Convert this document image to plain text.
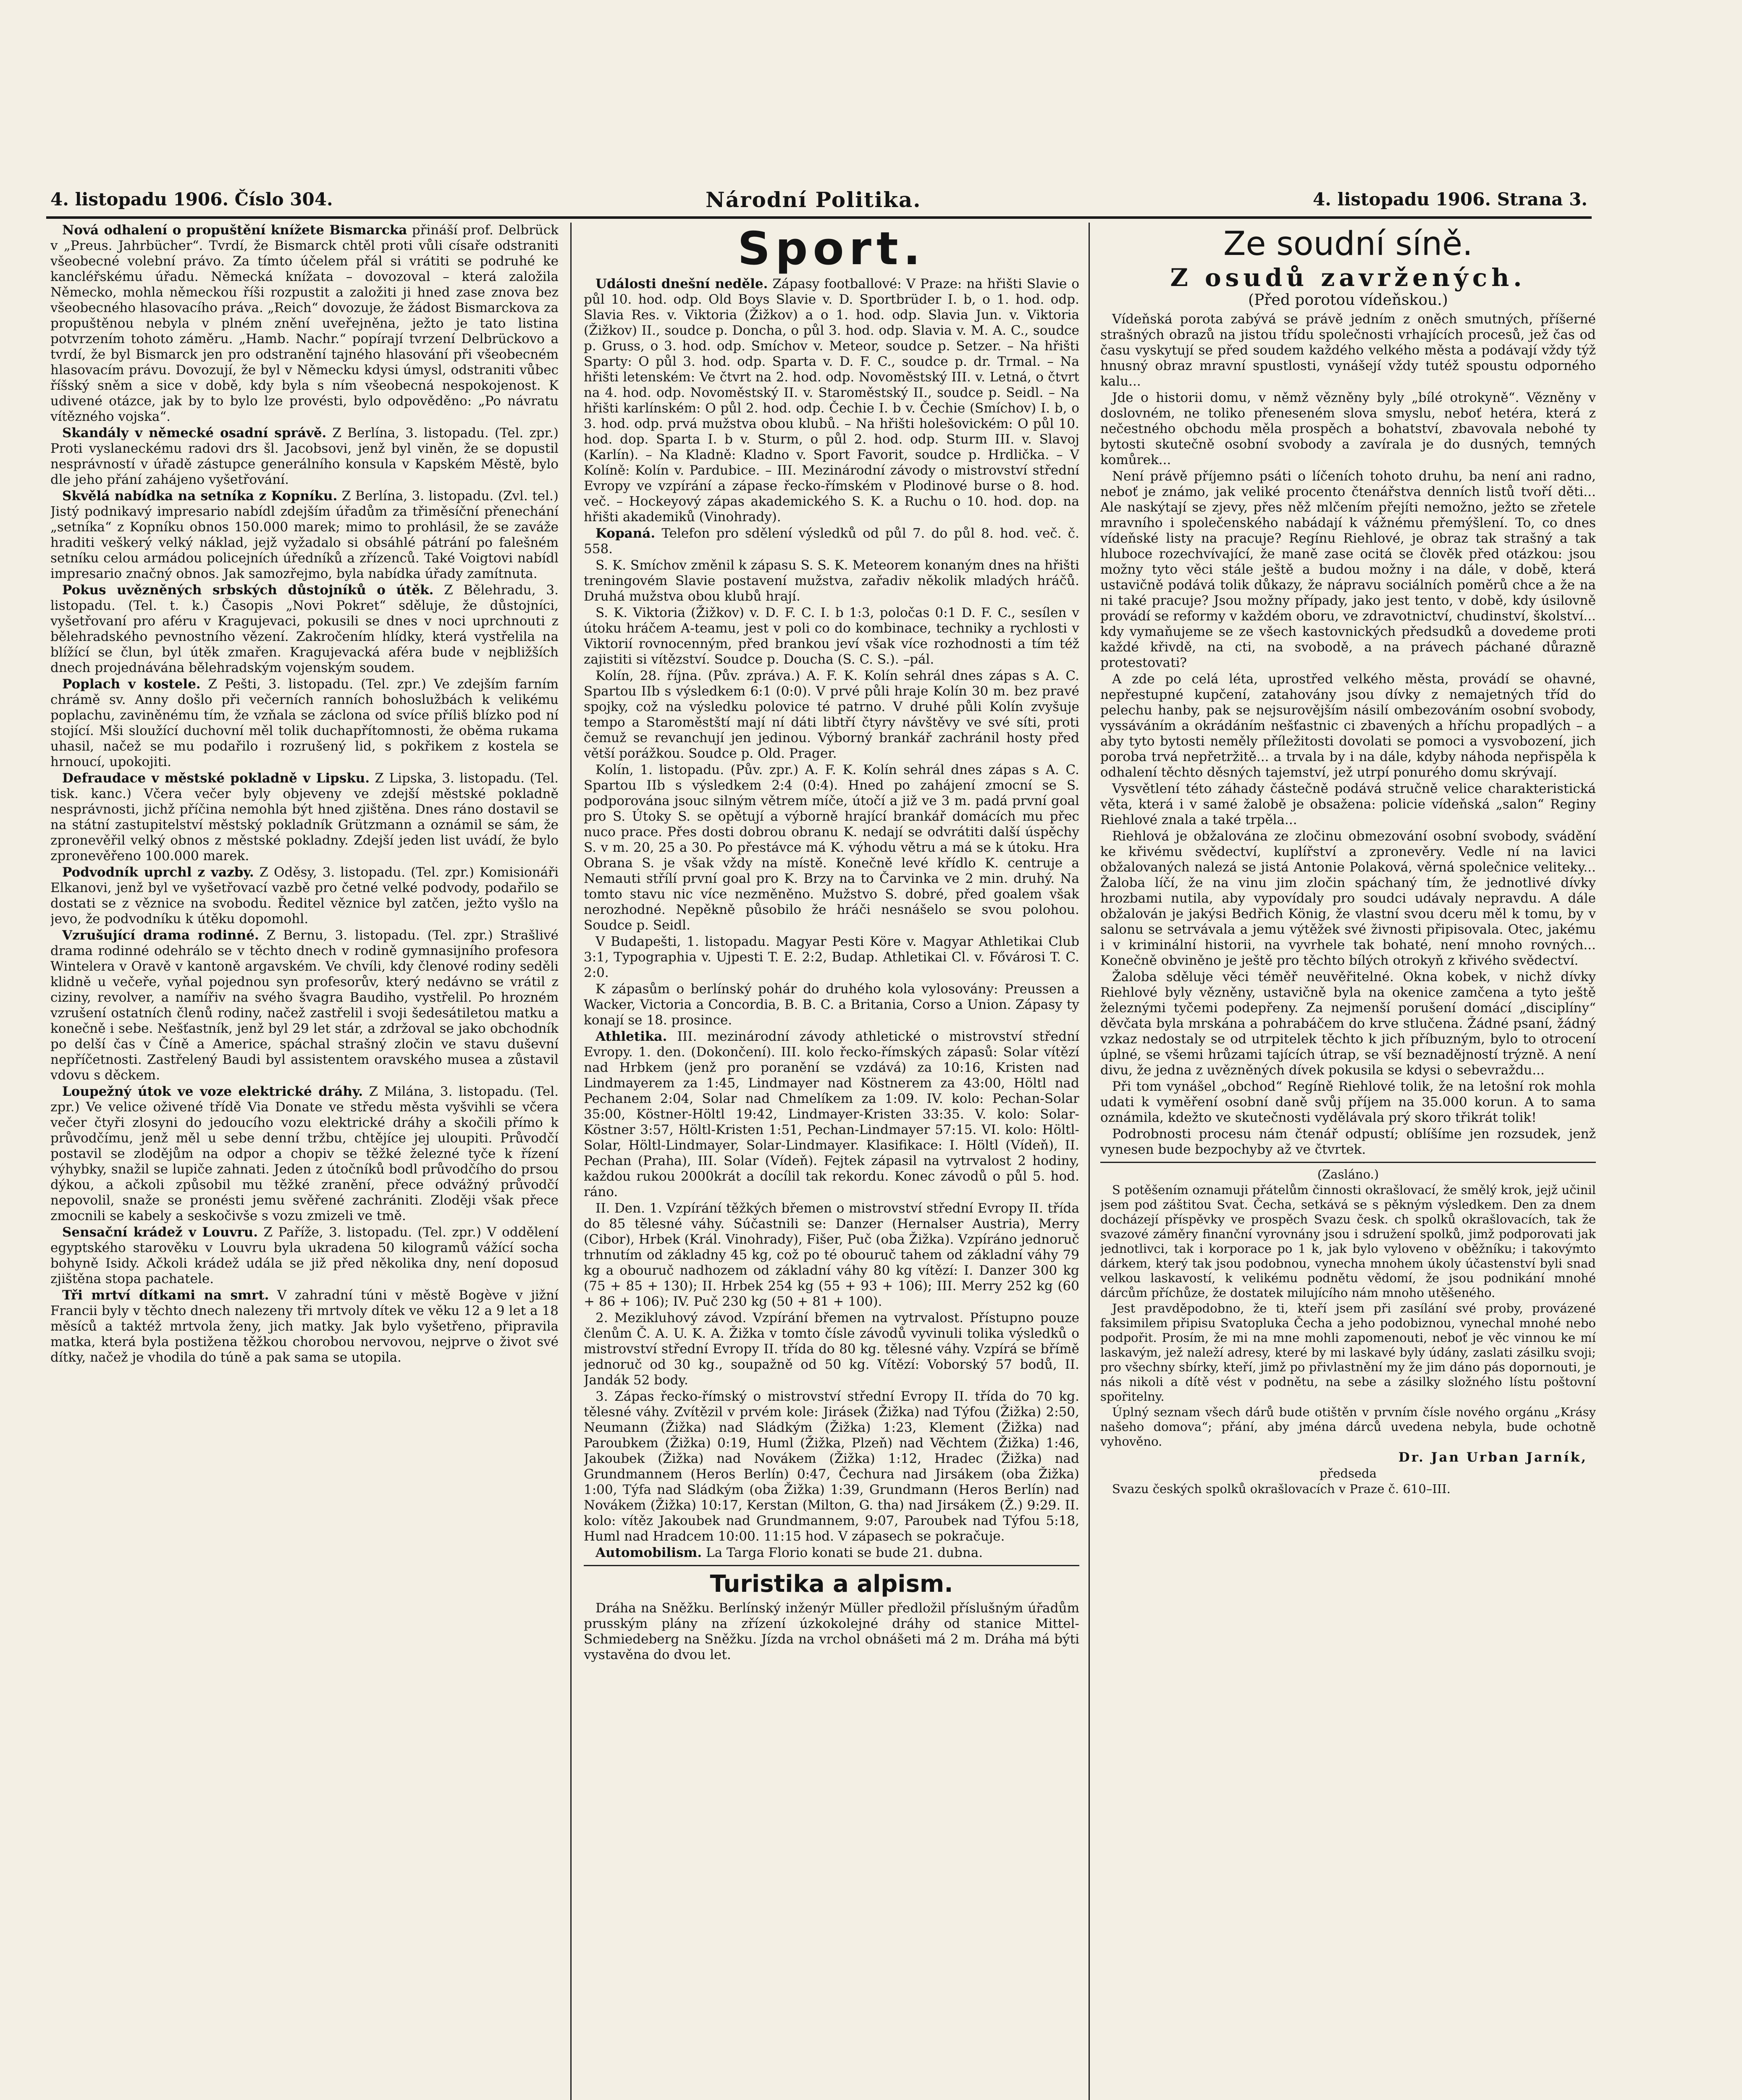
4. listopadu 1906. Číslo 304.	Národní Politika.	4. listopadu 1906. Strana 3.

Nová odhalení o propuštění knížete Bismarcka přináší prof. Delbrück v „Preus. Jahrbücher“. Tvrdí, že Bismarck chtěl proti vůli císaře odstraniti všeobecné volební právo. Za tímto účelem přál si vrátiti se podruhé ke kancléřskému úřadu. Německá knížata – dovozoval – která založila Německo, mohla německou říši rozpustit a založiti ji hned zase znova bez všeobecného hlasovacího práva. „Reich“ dovozuje, že žádost Bismarckova za propuštěnou nebyla v plném znění uveřejněna, ježto je tato listina potvrzením tohoto záměru. „Hamb. Nachr.“ popírají tvrzení Delbrückovo a tvrdí, že byl Bismarck jen pro odstranění tajného hlasování při všeobecném hlasovacím právu. Dovozují, že byl v Německu kdysi úmysl, odstraniti vůbec říšský sněm a sice v době, kdy byla s ním všeobecná nespokojenost. K udivené otázce, jak by to bylo lze provésti, bylo odpověděno: „Po návratu vítězného vojska“.

Skandály v německé osadní správě. Z Berlína, 3. listopadu. (Tel. zpr.) Proti vyslaneckému radovi drs šl. Jacobsovi, jenž byl viněn, že se dopustil nesprávností v úřadě zástupce generálního konsula v Kapském Městě, bylo dle jeho přání zahájeno vyšetřování.

Skvělá nabídka na setníka z Kopníku. Z Berlína, 3. listopadu. (Zvl. tel.) Jistý podnikavý impresario nabídl zdejším úřadům za třiměsíční přenechání „setníka“ z Kopníku obnos 150.000 marek; mimo to prohlásil, že se zaváže hraditi veškerý velký náklad, jejž vyžadalo si obsáhlé pátrání po falešném setníku celou armádou policejních úředníků a zřízenců. Také Voigtovi nabídl impresario značný obnos. Jak samozřejmo, byla nabídka úřady zamítnuta.

Pokus uvězněných srbských důstojníků o útěk. Z Bělehradu, 3. listopadu. (Tel. t. k.) Časopis „Novi Pokret“ sděluje, že důstojníci, vyšetřovaní pro aféru v Kragujevaci, pokusili se dnes v noci uprchnouti z bělehradského pevnostního vězení. Zakročením hlídky, která vystřelila na blížící se člun, byl útěk zmařen. Kragujevacká aféra bude v nejbližších dnech projednávána bělehradským vojenským soudem.

Poplach v kostele. Z Pešti, 3. listopadu. (Tel. zpr.) Ve zdejším farním chrámě sv. Anny došlo při večerních ranních bohoslužbách k velikému poplachu, zaviněnému tím, že vzňala se záclona od svíce příliš blízko pod ní stojící. Mši sloužící duchovní měl tolik duchapřítomnosti, že oběma rukama uhasil, načež se mu podařilo i rozrušený lid, s pokřikem z kostela se hrnoucí, upokojiti.

Defraudace v městské pokladně v Lipsku. Z Lipska, 3. listopadu. (Tel. tisk. kanc.) Včera večer byly objeveny ve zdejší městské pokladně nesprávnosti, jichž příčina nemohla být hned zjištěna. Dnes ráno dostavil se na státní zastupitelství městský pokladník Grützmann a oznámil se sám, že zpronevěřil velký obnos z městské pokladny. Zdejší jeden list uvádí, že bylo zpronevěřeno 100.000 marek.

Podvodník uprchl z vazby. Z Oděsy, 3. listopadu. (Tel. zpr.) Komisionáři Elkanovi, jenž byl ve vyšetřovací vazbě pro četné velké podvody, podařilo se dostati se z věznice na svobodu. Ředitel věznice byl zatčen, ježto vyšlo na jevo, že podvodníku k útěku dopomohl.

Vzrušující drama rodinné. Z Bernu, 3. listopadu. (Tel. zpr.) Strašlivé drama rodinné odehrálo se v těchto dnech v rodině gymnasijního profesora Wintelera v Oravě v kantoně argavském. Ve chvíli, kdy členové rodiny seděli klidně u večeře, vyňal pojednou syn profesorův, který nedávno se vrátil z ciziny, revolver, a namířiv na svého švagra Baudiho, vystřelil. Po hrozném vzrušení ostatních členů rodiny, načež zastřelil i svoji šedesátiletou matku a konečně i sebe. Nešťastník, jenž byl 29 let stár, a zdržoval se jako obchodník po delší čas v Číně a Americe, spáchal strašný zločin ve stavu duševní nepříčetnosti. Zastřelený Baudi byl assistentem oravského musea a zůstavil vdovu s děckem.

Loupežný útok ve voze elektrické dráhy. Z Milána, 3. listopadu. (Tel. zpr.) Ve velice oživené třídě Via Donate ve středu města vyšvihli se včera večer čtyři zlosyni do jedoucího vozu elektrické dráhy a skočili přímo k průvodčímu, jenž měl u sebe denní tržbu, chtějíce jej uloupiti. Průvodčí postavil se zlodějům na odpor a chopiv se těžké železné tyče k řízení výhybky, snažil se lupiče zahnati. Jeden z útočníků bodl průvodčího do prsou dýkou, a ačkoli způsobil mu těžké zranění, přece odvážný průvodčí nepovolil, snaže se pronésti jemu svěřené zachrániti. Zloději však přece zmocnili se kabely a seskočivše s vozu zmizeli ve tmě.

Sensační krádež v Louvru. Z Paříže, 3. listopadu. (Tel. zpr.) V oddělení egyptského starověku v Louvru byla ukradena 50 kilogramů vážící socha bohyně Isidy. Ačkoli krádež udála se již před několika dny, není doposud zjištěna stopa pachatele.

Tři mrtví dítkami na smrt. V zahradní túni v městě Bogève v jižní Francii byly v těchto dnech nalezeny tři mrtvoly dítek ve věku 12 a 9 let a 18 měsíců a taktéž mrtvola ženy, jich matky. Jak bylo vyšetřeno, připravila matka, která byla postižena těžkou chorobou nervovou, nejprve o život své dítky, načež je vhodila do túně a pak sama se utopila.

Sport.

Události dnešní neděle. Zápasy footballové: V Praze: na hřišti Slavie o půl 10. hod. odp. Old Boys Slavie v. D. Sportbrüder I. b, o 1. hod. odp. Slavia Res. v. Viktoria (Žižkov) a o 1. hod. odp. Slavia Jun. v. Viktoria (Žižkov) II., soudce p. Doncha, o půl 3. hod. odp. Slavia v. M. A. C., soudce p. Gruss, o 3. hod. odp. Smíchov v. Meteor, soudce p. Setzer. – Na hřišti Sparty: O půl 3. hod. odp. Sparta v. D. F. C., soudce p. dr. Trmal. – Na hřišti letenském: Ve čtvrt na 2. hod. odp. Novoměstský III. v. Letná, o čtvrt na 4. hod. odp. Novoměstský II. v. Staroměstský II., soudce p. Seidl. – Na hřišti karlínském: O půl 2. hod. odp. Čechie I. b v. Čechie (Smíchov) I. b, o 3. hod. odp. prvá mužstva obou klubů. – Na hřišti holešovickém: O půl 10. hod. dop. Sparta I. b v. Sturm, o půl 2. hod. odp. Sturm III. v. Slavoj (Karlín). – Na Kladně: Kladno v. Sport Favorit, soudce p. Hrdlička. – V Kolíně: Kolín v. Pardubice. – III. Mezinárodní závody o mistrovství střední Evropy ve vzpírání a zápase řecko-římském v Plodinové burse o 8. hod. več. – Hockeyový zápas akademického S. K. a Ruchu o 10. hod. dop. na hřišti akademiků (Vinohrady).

Kopaná. Telefon pro sdělení výsledků od půl 7. do půl 8. hod. več. č. 558.

S. K. Smíchov změnil k zápasu S. S. K. Meteorem konaným dnes na hřišti treningovém Slavie postavení mužstva, zařadiv několik mladých hráčů. Druhá mužstva obou klubů hrají.

S. K. Viktoria (Žižkov) v. D. F. C. I. b 1:3, poločas 0:1 D. F. C., sesílen v útoku hráčem A-teamu, jest v poli co do kombinace, techniky a rychlosti v Viktorií rovnocenným, před brankou jeví však více rozhodnosti a tím též zajistiti si vítězství. Soudce p. Doucha (S. C. S.). –pál.

Kolín, 28. října. (Pův. zpráva.) A. F. K. Kolín sehrál dnes zápas s A. C. Spartou IIb s výsledkem 6:1 (0:0). V prvé půli hraje Kolín 30 m. bez pravé spojky, což na výsledku polovice té patrno. V druhé půli Kolín zvyšuje tempo a Staroměstští mají ní dáti libtří čtyry návštěvy ve své síti, proti čemuž se revanchují jen jedinou. Výborný brankář zachránil hosty před větší porážkou. Soudce p. Old. Prager.

Kolín, 1. listopadu. (Pův. zpr.) A. F. K. Kolín sehrál dnes zápas s A. C. Spartou IIb s výsledkem 2:4 (0:4). Hned po zahájení zmocní se S. podporována jsouc silným větrem míče, útočí a již ve 3 m. padá první goal pro S. Útoky S. se opětují a výborně hrající brankář domácích mu přec nuco prace. Přes dosti dobrou obranu K. nedají se odvrátiti další úspěchy S. v m. 20, 25 a 30. Po přestávce má K. výhodu větru a má se k útoku. Hra Obrana S. je však vždy na místě. Konečně levé křídlo K. centruje a Nemauti střílí první goal pro K. Brzy na to Čarvinka ve 2 min. druhý. Na tomto stavu nic více nezměněno. Mužstvo S. dobré, před goalem však nerozhodné. Nepěkně působilo že hráči nesnášelo se svou polohou. Soudce p. Seidl.

V Budapešti, 1. listopadu. Magyar Pesti Köre v. Magyar Athletikai Club 3:1, Typographia v. Ujpesti T. E. 2:2, Budap. Athletikai Cl. v. Fővárosi T. C. 2:0.

K zápasům o berlínský pohár do druhého kola vylosovány: Preussen a Wacker, Victoria a Concordia, B. B. C. a Britania, Corso a Union. Zápasy ty konají se 18. prosince.

Athletika. III. mezinárodní závody athletické o mistrovství střední Evropy. 1. den. (Dokončení). III. kolo řecko-římských zápasů: Solar vítězí nad Hrbkem (jenž pro poranění se vzdává) za 10:16, Kristen nad Lindmayerem za 1:45, Lindmayer nad Köstnerem za 43:00, Höltl nad Pechanem 2:04, Solar nad Chmelíkem za 1:09. IV. kolo: Pechan-Solar 35:00, Köstner-Höltl 19:42, Lindmayer-Kristen 33:35. V. kolo: Solar-Köstner 3:57, Höltl-Kristen 1:51, Pechan-Lindmayer 57:15. VI. kolo: Höltl-Solar, Höltl-Lindmayer, Solar-Lindmayer. Klasifikace: I. Höltl (Vídeň), II. Pechan (Praha), III. Solar (Vídeň). Fejtek zápasil na vytrvalost 2 hodiny, každou rukou 2000krát a docílil tak rekordu. Konec závodů o půl 5. hod. ráno.

II. Den. 1. Vzpírání těžkých břemen o mistrovství střední Evropy II. třída do 85 tělesné váhy. Súčastnili se: Danzer (Hernalser Austria), Merry (Cibor), Hrbek (Král. Vinohrady), Fišer, Puč (oba Žižka). Vzpíráno jednoruč trhnutím od základny 45 kg, což po té obouruč tahem od základní váhy 79 kg a obouruč nadhozem od základní váhy 80 kg vítězí: I. Danzer 300 kg (75 + 85 + 130); II. Hrbek 254 kg (55 + 93 + 106); III. Merry 252 kg (60 + 86 + 106); IV. Puč 230 kg (50 + 81 + 100).

2. Mezikluhový závod. Vzpírání břemen na vytrvalost. Přístupno pouze členům Č. A. U. K. A. Žižka v tomto čísle závodů vyvinuli tolika výsledků o mistrovství střední Evropy II. třída do 80 kg. tělesné váhy. Vzpírá se břímě jednoruč od 30 kg., soupažně od 50 kg. Vítězí: Voborský 57 bodů, II. Jandák 52 body.

3. Zápas řecko-římský o mistrovství střední Evropy II. třída do 70 kg. tělesné váhy. Zvítězil v prvém kole: Jirásek (Žižka) nad Týfou (Žižka) 2:50, Neumann (Žižka) nad Sládkým (Žižka) 1:23, Klement (Žižka) nad Paroubkem (Žižka) 0:19, Huml (Žižka, Plzeň) nad Věchtem (Žižka) 1:46, Jakoubek (Žižka) nad Novákem (Žižka) 1:12, Hradec (Žižka) nad Grundmannem (Heros Berlín) 0:47, Čechura nad Jirsákem (oba Žižka) 1:00, Týfa nad Sládkým (oba Žižka) 1:39, Grundmann (Heros Berlín) nad Novákem (Žižka) 10:17, Kerstan (Milton, G. tha) nad Jirsákem (Ž.) 9:29. II. kolo: vítěz Jakoubek nad Grundmannem, 9:07, Paroubek nad Týfou 5:18, Huml nad Hradcem 10:00. 11:15 hod. V zápasech se pokračuje.

Automobilism. La Targa Florio konati se bude 21. dubna.

Turistika a alpism.

Dráha na Sněžku. Berlínský inženýr Müller předložil příslušným úřadům prusským plány na zřízení úzkokolejné dráhy od stanice Mittel-Schmiedeberg na Sněžku. Jízda na vrchol obnášeti má 2 m. Dráha má býti vystavěna do dvou let.

Ze soudní síně.
Z osudů zavržených.
(Před porotou vídeňskou.)

Vídeňská porota zabývá se právě jedním z oněch smutných, příšerné strašných obrazů na jistou třídu společnosti vrhajících procesů, jež čas od času vyskytují se před soudem každého velkého města a podávají vždy týž hnusný obraz mravní spustlosti, vynášejí vždy tutéž spoustu odporného kalu...

Jde o historii domu, v němž vězněny byly „bílé otrokyně“. Vězněny v doslovném, ne toliko přeneseném slova smyslu, neboť hetéra, která z nečestného obchodu měla prospěch a bohatství, zbavovala nebohé ty bytosti skutečně osobní svobody a zavírala je do dusných, temných komůrek...

Není právě příjemno psáti o líčeních tohoto druhu, ba není ani radno, neboť je známo, jak veliké procento čtenářstva denních listů tvoří děti... Ale naskýtají se zjevy, přes něž mlčením přejíti nemožno, ježto se zřetele mravního i společenského nabádají k vážnému přemýšlení. To, co dnes vídeňské listy na pracuje? Regínu Riehlové, je obraz tak strašný a tak hluboce rozechvívající, že maně zase ocitá se člověk před otázkou: jsou možny tyto věci stále ještě a budou možny i na dále, v době, která ustavičně podává tolik důkazy, že nápravu sociálních poměrů chce a že na ni také pracuje? Jsou možny případy, jako jest tento, v době, kdy úsilovně provádí se reformy v každém oboru, ve zdravotnictví, chudinství, školství... kdy vymaňujeme se ze všech kastovnických předsudků a dovedeme proti každé křivdě, na cti, na svobodě, a na právech páchané důrazně protestovati?

A zde po celá léta, uprostřed velkého města, provádí se ohavné, nepřestupné kupčení, zatahovány jsou dívky z nemajetných tříd do pelechu hanby, pak se nejsurovějším násilí ombezováním osobní svobody, vyssáváním a okrádáním nešťastnic ci zbavených a hříchu propadlých – a aby tyto bytosti neměly příležitosti dovolati se pomoci a vysvobození, jich poroba trvá nepřetržitě... a trvala by i na dále, kdyby náhoda nepřispěla k odhalení těchto děsných tajemství, jež utrpí ponurého domu skrývají.

Vysvětlení této záhady částečně podává stručně velice charakteristická věta, která i v samé žalobě je obsažena: policie vídeňská „salon“ Reginy Riehlové znala a také trpěla...

Riehlová je obžalována ze zločinu obmezování osobní svobody, svádění ke křivému svědectví, kuplířství a zpronevěry. Vedle ní na lavici obžalovaných nalezá se jistá Antonie Polaková, věrná společnice veliteky... Žaloba líčí, že na vinu jim zločin spáchaný tím, že jednotlivé dívky hrozbami nutila, aby vypovídaly pro soudci udávaly nepravdu. A dále obžalován je jakýsi Bedřich König, že vlastní svou dceru měl k tomu, by v salonu se setrvávala a jemu výtěžek své živnosti připisovala. Otec, jakému i v kriminální historii, na vyvrhele tak bohaté, není mnoho rovných... Konečně obviněno je ještě pro těchto bílých otrokyň z křivého svědectví.

Žaloba sděluje věci téměř neuvěřitelné. Okna kobek, v nichž dívky Riehlové byly vězněny, ustavičně byla na okenice zamčena a tyto ještě železnými tyčemi podepřeny. Za nejmenší porušení domácí „disciplíny“ děvčata byla mrskána a pohrabáčem do krve stlučena. Žádné psaní, žádný vzkaz nedostaly se od utrpitelek těchto k jich příbuzným, bylo to otrocení úplné, se všemi hrůzami tajících útrap, se vší beznadějností trýzně. A není divu, že jedna z uvězněných dívek pokusila se kdysi o sebevraždu...

Při tom vynášel „obchod“ Regíně Riehlové tolik, že na letošní rok mohla udati k vyměření osobní daně svůj příjem na 35.000 korun. A to sama oznámila, kdežto ve skutečnosti vydělávala prý skoro třikrát tolik!

Podrobnosti procesu nám čtenář odpustí; oblíšíme jen rozsudek, jenž vynesen bude bezpochyby až ve čtvrtek.

(Zasláno.)

S potěšením oznamuji přátelům činnosti okrašlovací, že smělý krok, jejž učinil jsem pod záštitou Svat. Čecha, setkává se s pěkným výsledkem. Den za dnem docházejí příspěvky ve prospěch Svazu česk. ch spolků okrašlovacích, tak že svazové záměry finanční vyrovnány jsou i sdružení spolků, jimž podporovati jak jednotlivci, tak i korporace po 1 k, jak bylo vyloveno v oběžníku; i takovýmto dárkem, který tak jsou podobnou, vynecha mnohem úkoly účastenství byli snad velkou laskavostí, k velikému podnětu vědomí, že jsou podnikání mnohé dárcům příchůze, že dostatek milujícího nám mnoho utěšeného.

Jest pravděpodobno, že ti, kteří jsem při zasílání své proby, provázené faksimilem připisu Svatopluka Čecha a jeho podobiznou, vynechal mnohé nebo podpořit. Prosím, že mi na mne mohli zapomenouti, neboť je věc vinnou ke mí laskavým, jež naleží adresy, které by mi laskavé byly údány, zaslati zásilku svoji; pro všechny sbírky, kteří, jimž po přivlastnění my že jim dáno pás dopornouti, je nás nikoli a dítě vést v podnětu, na sebe a zásilky složného lístu poštovní spořitelny.

Úplný seznam všech dárů bude otištěn v prvním čísle nového orgánu „Krásy našeho domova“; přání, aby jména dárců uvedena nebyla, bude ochotně vyhověno.

Dr. Jan Urban Jarník,

předseda

Svazu českých spolků okrašlovacích v Praze č. 610–III.
